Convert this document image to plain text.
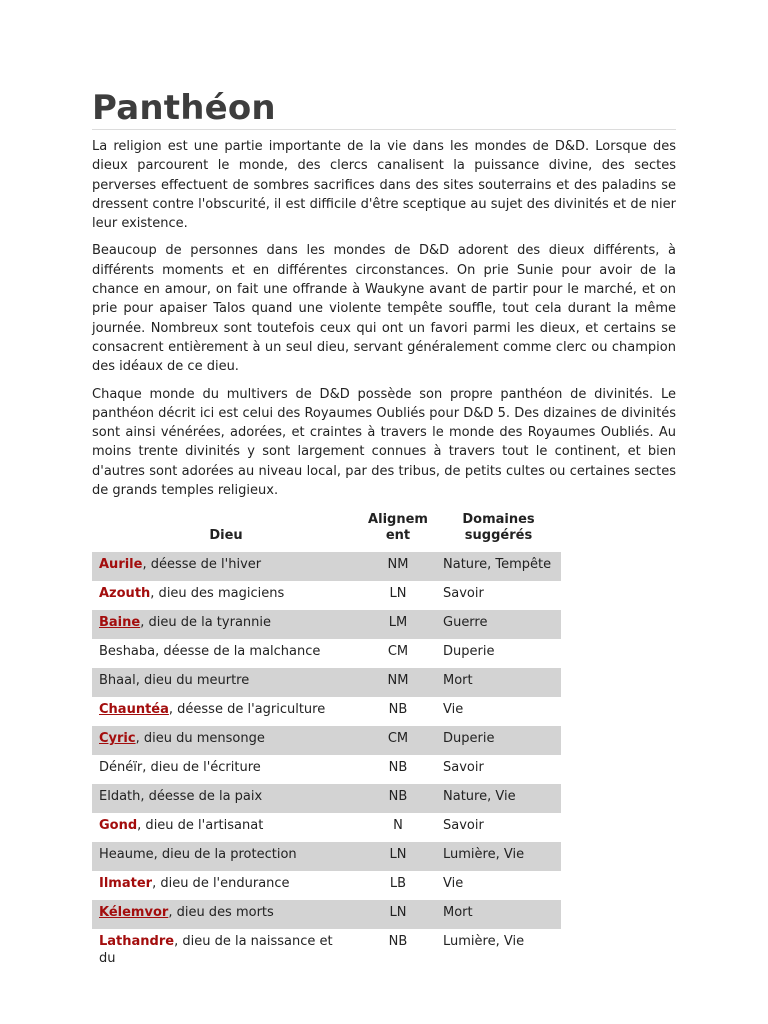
Panthéon

La religion est une partie importante de la vie dans les mondes de D&D. Lorsque des dieux parcourent le monde, des clercs canalisent la puissance divine, des sectes perverses effectuent de sombres sacrifices dans des sites souterrains et des paladins se dressent contre l'obscurité, il est difficile d'être sceptique au sujet des divinités et de nier leur existence.

Beaucoup de personnes dans les mondes de D&D adorent des dieux différents, à différents moments et en différentes circonstances. On prie Sunie pour avoir de la chance en amour, on fait une offrande à Waukyne avant de partir pour le marché, et on prie pour apaiser Talos quand une violente tempête souffle, tout cela durant la même journée. Nombreux sont toutefois ceux qui ont un favori parmi les dieux, et certains se consacrent entièrement à un seul dieu, servant généralement comme clerc ou champion des idéaux de ce dieu.

Chaque monde du multivers de D&D possède son propre panthéon de divinités. Le panthéon décrit ici est celui des Royaumes Oubliés pour D&D 5. Des dizaines de divinités sont ainsi vénérées, adorées, et craintes à travers le monde des Royaumes Oubliés. Au moins trente divinités y sont largement connues à travers tout le continent, et bien d'autres sont adorées au niveau local, par des tribus, de petits cultes ou certaines sectes de grands temples religieux.

Dieu	Alignement	Domaines suggérés
Aurile, déesse de l'hiver	NM	Nature, Tempête
Azouth, dieu des magiciens	LN	Savoir
Baine, dieu de la tyrannie	LM	Guerre
Beshaba, déesse de la malchance	CM	Duperie
Bhaal, dieu du meurtre	NM	Mort
Chauntéa, déesse de l'agriculture	NB	Vie
Cyric, dieu du mensonge	CM	Duperie
Dénéïr, dieu de l'écriture	NB	Savoir
Eldath, déesse de la paix	NB	Nature, Vie
Gond, dieu de l'artisanat	N	Savoir
Heaume, dieu de la protection	LN	Lumière, Vie
Ilmater, dieu de l'endurance	LB	Vie
Kélemvor, dieu des morts	LN	Mort
Lathandre, dieu de la naissance et du	NB	Lumière, Vie
